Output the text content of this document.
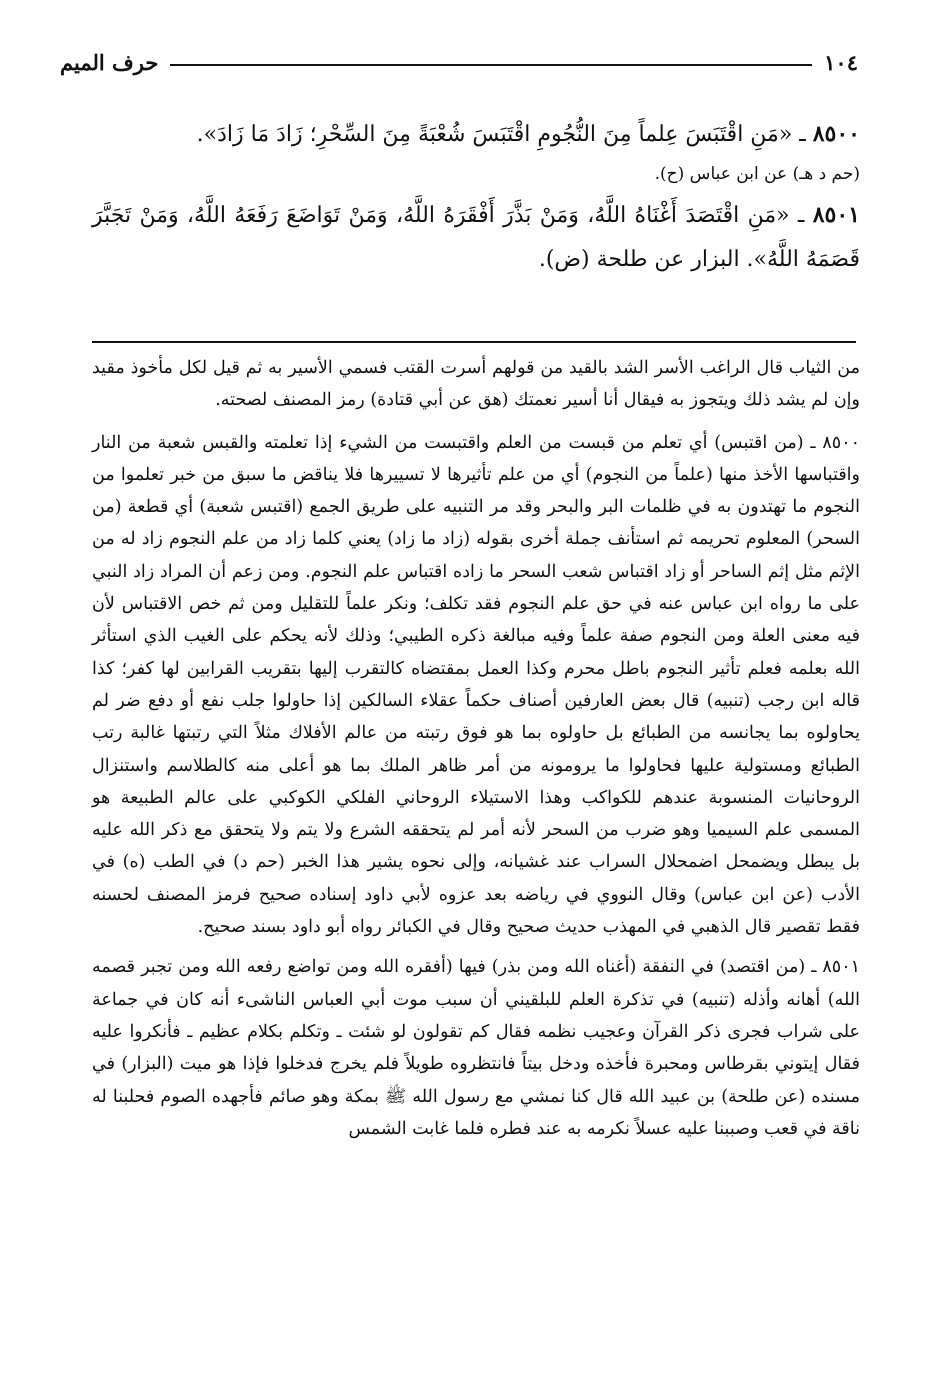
حرف الميم	١٠٤

٨٥٠٠ ـ «مَنِ اقْتَبَسَ عِلماً مِنَ النُّجُومِ اقْتَبَسَ شُعْبَةً مِنَ السِّحْرِ؛ زَادَ مَا زَادَ».

(حم د هـ) عن ابن عباس (ح).

٨٥٠١ ـ «مَنِ اقْتَصَدَ أَغْنَاهُ اللَّهُ، وَمَنْ بَذَّرَ أَفْقَرَهُ اللَّهُ، وَمَنْ تَوَاضَعَ رَفَعَهُ اللَّهُ، وَمَنْ تَجَبَّرَ قَصَمَهُ اللَّهُ». البزار عن طلحة (ض).

من الثياب قال الراغب الأسر الشد بالقيد من قولهم أسرت القتب فسمي الأسير به ثم قيل لكل مأخوذ مقيد وإن لم يشد ذلك ويتجوز به فيقال أنا أسير نعمتك (هق عن أبي قتادة) رمز المصنف لصحته.

٨٥٠٠ ـ (من اقتبس) أي تعلم من قبست من العلم واقتبست من الشيء إذا تعلمته والقبس شعبة من النار واقتباسها الأخذ منها (علماً من النجوم) أي من علم تأثيرها لا تسييرها فلا يناقض ما سبق من خبر تعلموا من النجوم ما تهتدون به في ظلمات البر والبحر وقد مر التنبيه على طريق الجمع (اقتبس شعبة) أي قطعة (من السحر) المعلوم تحريمه ثم استأنف جملة أخرى بقوله (زاد ما زاد) يعني كلما زاد من علم النجوم زاد له من الإثم مثل إثم الساحر أو زاد اقتباس شعب السحر ما زاده اقتباس علم النجوم. ومن زعم أن المراد زاد النبي على ما رواه ابن عباس عنه في حق علم النجوم فقد تكلف؛ ونكر علماً للتقليل ومن ثم خص الاقتباس لأن فيه معنى العلة ومن النجوم صفة علماً وفيه مبالغة ذكره الطيبي؛ وذلك لأنه يحكم على الغيب الذي استأثر الله بعلمه فعلم تأثير النجوم باطل محرم وكذا العمل بمقتضاه كالتقرب إليها بتقريب القرابين لها كفر؛ كذا قاله ابن رجب (تنبيه) قال بعض العارفين أصناف حكماً عقلاء السالكين إذا حاولوا جلب نفع أو دفع ضر لم يحاولوه بما يجانسه من الطبائع بل حاولوه بما هو فوق رتبته من عالم الأفلاك مثلاً التي رتبتها غالبة رتب الطبائع ومستولية عليها فحاولوا ما يرومونه من أمر ظاهر الملك بما هو أعلى منه كالطلاسم واستنزال الروحانيات المنسوبة عندهم للكواكب وهذا الاستيلاء الروحاني الفلكي الكوكبي على عالم الطبيعة هو المسمى علم السيميا وهو ضرب من السحر لأنه أمر لم يتحققه الشرع ولا يتم ولا يتحقق مع ذكر الله عليه بل يبطل ويضمحل اضمحلال السراب عند غشيانه، وإلى نحوه يشير هذا الخبر (حم د) في الطب (ه) في الأدب (عن ابن عباس) وقال النووي في رياضه بعد عزوه لأبي داود إسناده صحيح فرمز المصنف لحسنه فقط تقصير قال الذهبي في المهذب حديث صحيح وقال في الكبائر رواه أبو داود بسند صحيح.

٨٥٠١ ـ (من اقتصد) في النفقة (أغناه الله ومن بذر) فيها (أفقره الله ومن تواضع رفعه الله ومن تجبر قصمه الله) أهانه وأذله (تنبيه) في تذكرة العلم للبلقيني أن سبب موت أبي العباس الناشىء أنه كان في جماعة على شراب فجرى ذكر القرآن وعجيب نظمه فقال كم تقولون لو شئت ـ وتكلم بكلام عظيم ـ فأنكروا عليه فقال إيتوني بقرطاس ومحبرة فأخذه ودخل بيتاً فانتظروه طويلاً فلم يخرج فدخلوا فإذا هو ميت (البزار) في مسنده (عن طلحة) بن عبيد الله قال كنا نمشي مع رسول الله ﷺ بمكة وهو صائم فأجهده الصوم فحلبنا له ناقة في قعب وصببنا عليه عسلاً نكرمه به عند فطره فلما غابت الشمس
